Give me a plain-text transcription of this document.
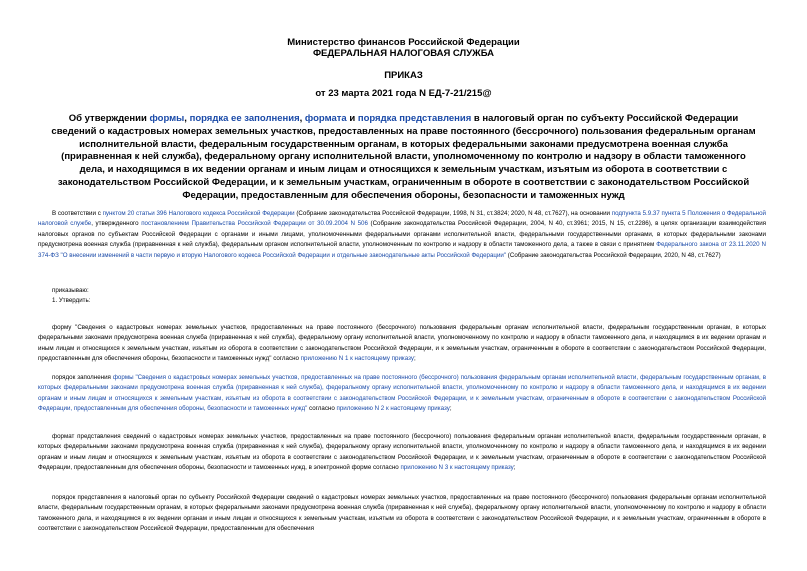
Министерство финансов Российской Федерации
ФЕДЕРАЛЬНАЯ НАЛОГОВАЯ СЛУЖБА
ПРИКАЗ
от 23 марта 2021 года N ЕД-7-21/215@
Об утверждении формы, порядка ее заполнения, формата и порядка представления в налоговый орган по субъекту Российской Федерации сведений о кадастровых номерах земельных участков, предоставленных на праве постоянного (бессрочного) пользования федеральным органам исполнительной власти, федеральным государственным органам, в которых федеральными законами предусмотрена военная служба (приравненная к ней служба), федеральному органу исполнительной власти, уполномоченному по контролю и надзору в области таможенного дела, и находящимся в их ведении органам и иным лицам и относящихся к земельным участкам, изъятым из оборота в соответствии с законодательством Российской Федерации, и к земельным участкам, ограниченным в обороте в соответствии с законодательством Российской Федерации, предоставленным для обеспечения обороны, безопасности и таможенных нужд

В соответствии с пунктом 20 статьи 396 Налогового кодекса Российской Федерации (Собрание законодательства Российской Федерации, 1998, N 31, ст.3824; 2020, N 48, ст.7627), на основании подпункта 5.9.37 пункта 5 Положения о Федеральной налоговой службе, утвержденного постановлением Правительства Российской Федерации от 30.09.2004 N 506 (Собрание законодательства Российской Федерации, 2004, N 40, ст.3961; 2015, N 15, ст.2286), в целях организации взаимодействия налоговых органов по субъектам Российской Федерации с органами и иными лицами, уполномоченными федеральными органами исполнительной власти, федеральными государственными органами, в которых федеральными законами предусмотрена военная служба (приравненная к ней служба), федеральным органом исполнительной власти, уполномоченным по контролю и надзору в области таможенного дела, а также в связи с принятием Федерального закона от 23.11.2020 N 374-ФЗ "О внесении изменений в части первую и вторую Налогового кодекса Российской Федерации и отдельные законодательные акты Российской Федерации" (Собрание законодательства Российской Федерации, 2020, N 48, ст.7627)

приказываю:
1. Утвердить:

форму "Сведения о кадастровых номерах земельных участков, предоставленных на праве постоянного (бессрочного) пользования федеральным органам исполнительной власти, федеральным государственным органам, в которых федеральными законами предусмотрена военная служба (приравненная к ней служба), федеральному органу исполнительной власти, уполномоченному по контролю и надзору в области таможенного дела, и находящимся в их ведении органам и иным лицам и относящихся к земельным участкам, изъятым из оборота в соответствии с законодательством Российской Федерации, и к земельным участкам, ограниченным в обороте в соответствии с законодательством Российской Федерации, предоставленным для обеспечения обороны, безопасности и таможенных нужд" согласно приложению N 1 к настоящему приказу;

порядок заполнения формы "Сведения о кадастровых номерах земельных участков, предоставленных на праве постоянного (бессрочного) пользования федеральным органам исполнительной власти, федеральным государственным органам, в которых федеральными законами предусмотрена военная служба (приравненная к ней служба), федеральному органу исполнительной власти, уполномоченному по контролю и надзору в области таможенного дела, и находящимся в их ведении органам и иным лицам и относящихся к земельным участкам, изъятым из оборота в соответствии с законодательством Российской Федерации, и к земельным участкам, ограниченным в обороте в соответствии с законодательством Российской Федерации, предоставленным для обеспечения обороны, безопасности и таможенных нужд" согласно приложению N 2 к настоящему приказу;

формат представления сведений о кадастровых номерах земельных участков, предоставленных на праве постоянного (бессрочного) пользования федеральным органам исполнительной власти, федеральным государственным органам, в которых федеральными законами предусмотрена военная служба (приравненная к ней служба), федеральному органу исполнительной власти, уполномоченному по контролю и надзору в области таможенного дела, и находящимся в их ведении органам и иным лицам и относящихся к земельным участкам, изъятым из оборота в соответствии с законодательством Российской Федерации, и к земельным участкам, ограниченным в обороте в соответствии с законодательством Российской Федерации, предоставленным для обеспечения обороны, безопасности и таможенных нужд, в электронной форме согласно приложению N 3 к настоящему приказу;

порядок представления в налоговый орган по субъекту Российской Федерации сведений о кадастровых номерах земельных участков, предоставленных на праве постоянного (бессрочного) пользования федеральным органам исполнительной власти, федеральным государственным органам, в которых федеральными законами предусмотрена военная служба (приравненная к ней служба), федеральному органу исполнительной власти, уполномоченному по контролю и надзору в области таможенного дела, и находящимся в их ведении органам и иным лицам и относящихся к земельным участкам, изъятым из оборота в соответствии с законодательством Российской Федерации, и к земельным участкам, ограниченным в обороте в соответствии с законодательством Российской Федерации, предоставленным для обеспечения
